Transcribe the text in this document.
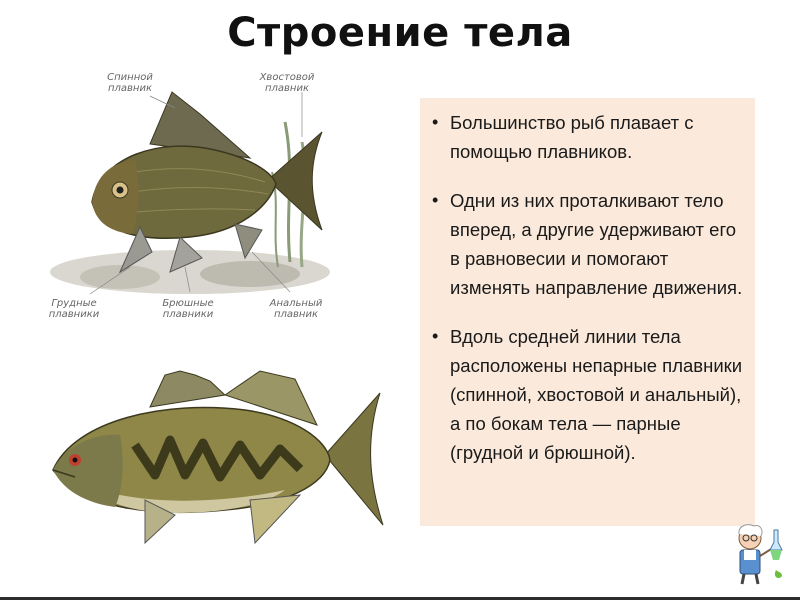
Строение тела
Спинной
плавник
Хвостовой
плавник
Грудные
плавники
Брюшные
плавники
Анальный
плавник
• Большинство рыб плавает с помощью плавников.
• Одни из них проталкивают тело вперед, а другие удерживают его в равновесии и помогают изменять направление движения.
• Вдоль средней линии тела расположены непарные плавники (спинной, хвостовой и анальный), а по бокам тела — парные (грудной и брюшной).
